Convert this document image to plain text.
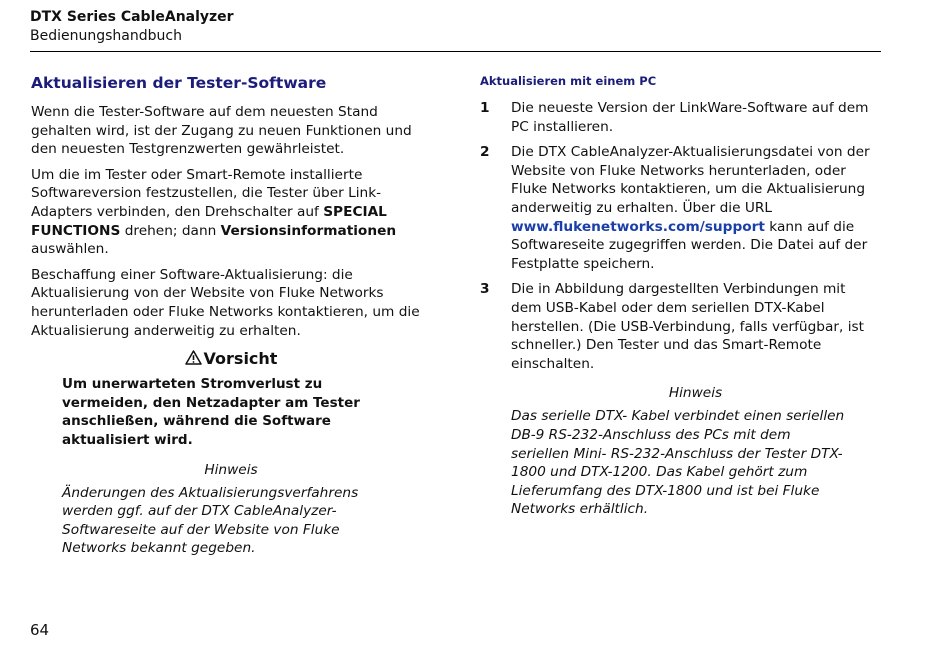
DTX Series CableAnalyzer
Bedienungshandbuch
Aktualisieren der Tester-Software

Wenn die Tester-Software auf dem neuesten Stand gehalten wird, ist der Zugang zu neuen Funktionen und den neuesten Testgrenzwerten gewährleistet.

Um die im Tester oder Smart-Remote installierte Softwareversion festzustellen, die Tester über Link-Adapters verbinden, den Drehschalter auf SPECIAL FUNCTIONS drehen; dann Versionsinformationen auswählen.

Beschaffung einer Software-Aktualisierung: die Aktualisierung von der Website von Fluke Networks herunterladen oder Fluke Networks kontaktieren, um die Aktualisierung anderweitig zu erhalten.

Vorsicht
Um unerwarteten Stromverlust zu vermeiden, den Netzadapter am Tester anschließen, während die Software aktualisiert wird.
Hinweis
Änderungen des Aktualisierungsverfahrens werden ggf. auf der DTX CableAnalyzer-Softwareseite auf der Website von Fluke Networks bekannt gegeben.
Aktualisieren mit einem PC
1 Die neueste Version der LinkWare-Software auf dem PC installieren.
2 Die DTX CableAnalyzer-Aktualisierungsdatei von der Website von Fluke Networks herunterladen, oder Fluke Networks kontaktieren, um die Aktualisierung anderweitig zu erhalten. Über die URL www.flukenetworks.com/support kann auf die Softwareseite zugegriffen werden. Die Datei auf der Festplatte speichern.
3 Die in Abbildung dargestellten Verbindungen mit dem USB-Kabel oder dem seriellen DTX-Kabel herstellen. (Die USB-Verbindung, falls verfügbar, ist schneller.) Den Tester und das Smart-Remote einschalten.
Hinweis
Das serielle DTX- Kabel verbindet einen seriellen DB-9 RS-232-Anschluss des PCs mit dem seriellen Mini- RS-232-Anschluss der Tester DTX-1800 und DTX-1200. Das Kabel gehört zum Lieferumfang des DTX-1800 und ist bei Fluke Networks erhältlich.
64
